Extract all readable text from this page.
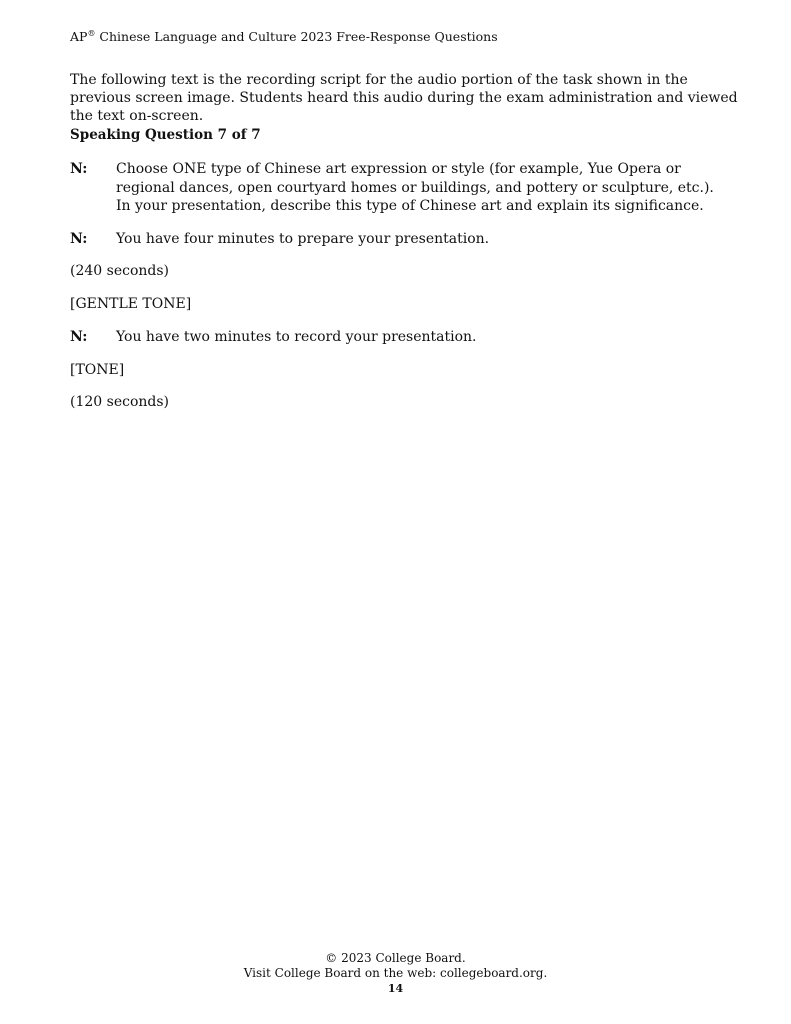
AP® Chinese Language and Culture 2023 Free-Response Questions
The following text is the recording script for the audio portion of the task shown in the previous screen image. Students heard this audio during the exam administration and viewed the text on-screen.
Speaking Question 7 of 7
N:	Choose ONE type of Chinese art expression or style (for example, Yue Opera or regional dances, open courtyard homes or buildings, and pottery or sculpture, etc.). In your presentation, describe this type of Chinese art and explain its significance.
N:	You have four minutes to prepare your presentation.
(240 seconds)
[GENTLE TONE]
N:	You have two minutes to record your presentation.
[TONE]
(120 seconds)
© 2023 College Board.
Visit College Board on the web: collegeboard.org.
14
